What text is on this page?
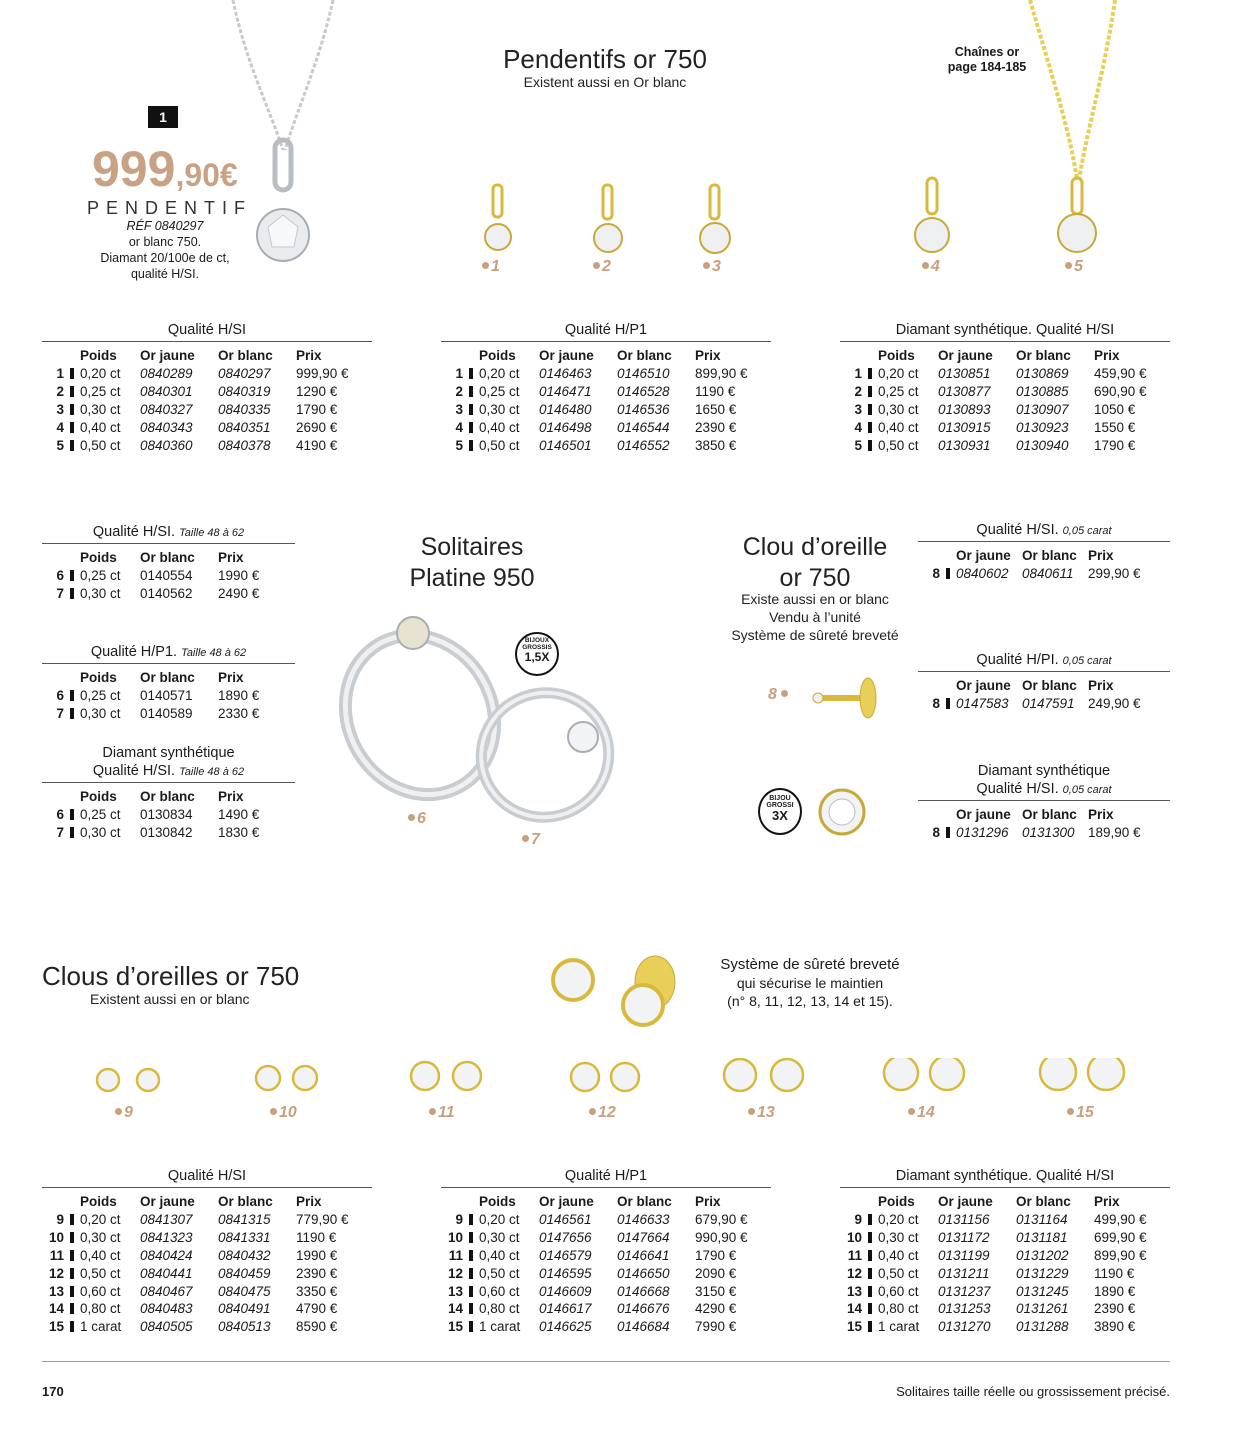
Pendentifs or 750
Existent aussi en Or blanc
Chaînes or
page 184-185
1
999,90€
PENDENTIF
RÉF 0840297
or blanc 750.
Diamant 20/100e de ct,
qualité H/SI.	1	2	3	4	5
Qualité H/SI
	Poids	Or jaune	Or blanc	Prix
1	0,20 ct	0840289	0840297	999,90 €
2	0,25 ct	0840301	0840319	1290 €
3	0,30 ct	0840327	0840335	1790 €
4	0,40 ct	0840343	0840351	2690 €
5	0,50 ct	0840360	0840378	4190 €
Qualité H/P1
	Poids	Or jaune	Or blanc	Prix
1	0,20 ct	0146463	0146510	899,90 €
2	0,25 ct	0146471	0146528	1190 €
3	0,30 ct	0146480	0146536	1650 €
4	0,40 ct	0146498	0146544	2390 €
5	0,50 ct	0146501	0146552	3850 €
Diamant synthétique. Qualité H/SI
	Poids	Or jaune	Or blanc	Prix
1	0,20 ct	0130851	0130869	459,90 €
2	0,25 ct	0130877	0130885	690,90 €
3	0,30 ct	0130893	0130907	1050 €
4	0,40 ct	0130915	0130923	1550 €
5	0,50 ct	0130931	0130940	1790 €
Solitaires
Platine 950
Qualité H/SI. Taille 48 à 62
	Poids	Or blanc	Prix
6	0,25 ct	0140554	1990 €
7	0,30 ct	0140562	2490 €
Qualité H/P1. Taille 48 à 62
	Poids	Or blanc	Prix
6	0,25 ct	0140571	1890 €
7	0,30 ct	0140589	2330 €
Diamant synthétique
Qualité H/SI. Taille 48 à 62
	Poids	Or blanc	Prix
6	0,25 ct	0130834	1490 €
7	0,30 ct	0130842	1830 €
BIJOUX
GROSSIS
1,5X
6
7
Clou d’oreille
or 750
Existe aussi en or blanc
Vendu à l’unité
Système de sûreté breveté
8
BIJOU
GROSSI
3X
Qualité H/SI. 0,05 carat
	Or jaune	Or blanc	Prix
8	0840602	0840611	299,90 €
Qualité H/PI. 0,05 carat
	Or jaune	Or blanc	Prix
8	0147583	0147591	249,90 €
Diamant synthétique
Qualité H/SI. 0,05 carat
	Or jaune	Or blanc	Prix
8	0131296	0131300	189,90 €
Clous d’oreilles or 750
Existent aussi en or blanc
Système de sûreté breveté
qui sécurise le maintien
(n° 8, 11, 12, 13, 14 et 15).
9	10	11	12	13	14	15
Qualité H/SI
	Poids	Or jaune	Or blanc	Prix
9	0,20 ct	0841307	0841315	779,90 €
10	0,30 ct	0841323	0841331	1190 €
11	0,40 ct	0840424	0840432	1990 €
12	0,50 ct	0840441	0840459	2390 €
13	0,60 ct	0840467	0840475	3350 €
14	0,80 ct	0840483	0840491	4790 €
15	1 carat	0840505	0840513	8590 €
Qualité H/P1
	Poids	Or jaune	Or blanc	Prix
9	0,20 ct	0146561	0146633	679,90 €
10	0,30 ct	0147656	0147664	990,90 €
11	0,40 ct	0146579	0146641	1790 €
12	0,50 ct	0146595	0146650	2090 €
13	0,60 ct	0146609	0146668	3150 €
14	0,80 ct	0146617	0146676	4290 €
15	1 carat	0146625	0146684	7990 €
Diamant synthétique. Qualité H/SI
	Poids	Or jaune	Or blanc	Prix
9	0,20 ct	0131156	0131164	499,90 €
10	0,30 ct	0131172	0131181	699,90 €
11	0,40 ct	0131199	0131202	899,90 €
12	0,50 ct	0131211	0131229	1190 €
13	0,60 ct	0131237	0131245	1890 €
14	0,80 ct	0131253	0131261	2390 €
15	1 carat	0131270	0131288	3890 €
170	Solitaires taille réelle ou grossissement précisé.
